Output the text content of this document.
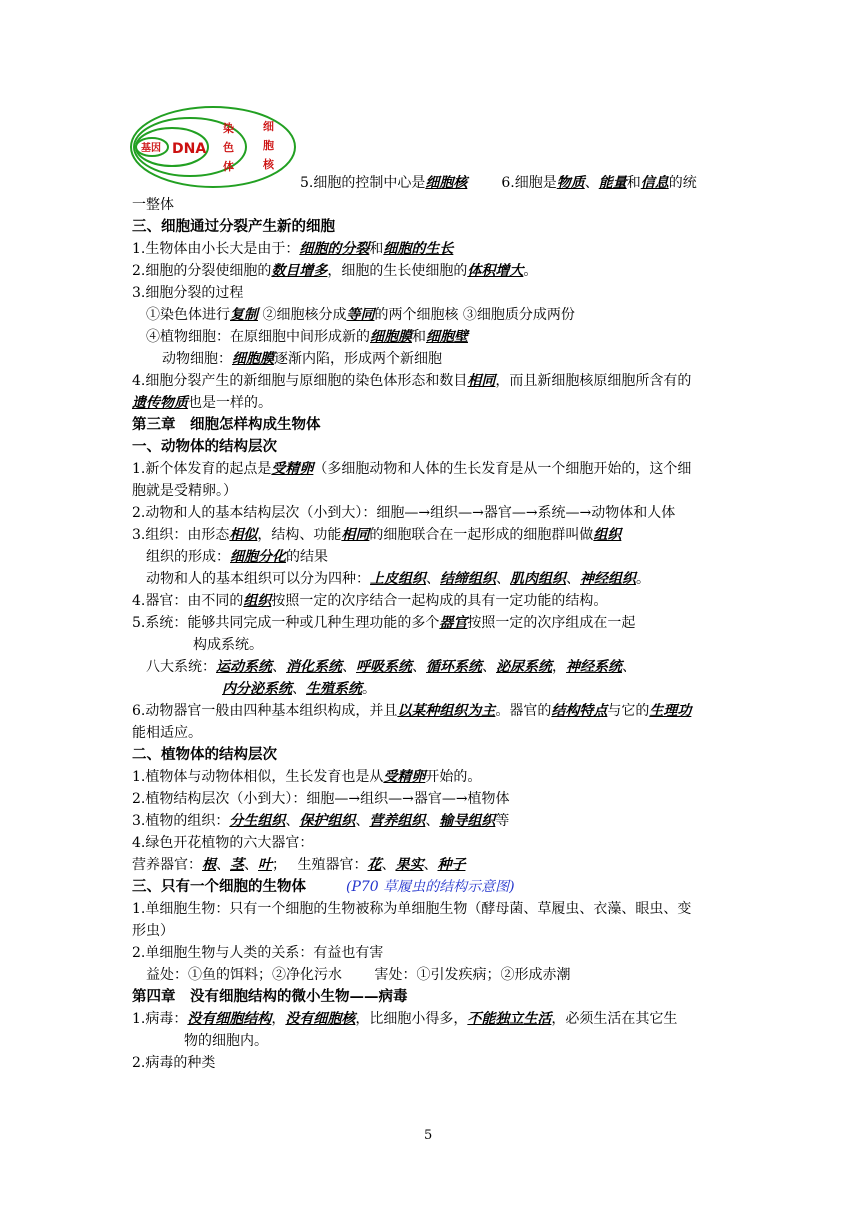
基因 DNA
染
色
体
细
胞
核
5.细胞的控制中心是细胞核 6.细胞是物质、能量和信息的统
一整体
三、细胞通过分裂产生新的细胞
1.生物体由小长大是由于：细胞的分裂和细胞的生长
2.细胞的分裂使细胞的数目增多，细胞的生长使细胞的体积增大。
3.细胞分裂的过程
①染色体进行复制 ②细胞核分成等同的两个细胞核 ③细胞质分成两份
④植物细胞：在原细胞中间形成新的细胞膜和细胞壁
动物细胞：细胞膜逐渐内陷，形成两个新细胞
4.细胞分裂产生的新细胞与原细胞的染色体形态和数目相同，而且新细胞核原细胞所含有的
遗传物质也是一样的。
第三章　细胞怎样构成生物体
一、动物体的结构层次
1.新个体发育的起点是受精卵（多细胞动物和人体的生长发育是从一个细胞开始的，这个细
胞就是受精卵。）
2.动物和人的基本结构层次（小到大）：细胞—→组织—→器官—→系统—→动物体和人体
3.组织：由形态相似，结构、功能相同的细胞联合在一起形成的细胞群叫做组织
组织的形成：细胞分化的结果
动物和人的基本组织可以分为四种：上皮组织、结缔组织、肌肉组织、神经组织。
4.器官：由不同的组织按照一定的次序结合一起构成的具有一定功能的结构。
5.系统：能够共同完成一种或几种生理功能的多个器官按照一定的次序组成在一起
构成系统。
八大系统：运动系统、消化系统、呼吸系统、循环系统、泌尿系统，神经系统、
内分泌系统、生殖系统。
6.动物器官一般由四种基本组织构成，并且以某种组织为主。器官的结构特点与它的生理功
能相适应。
二、植物体的结构层次
1.植物体与动物体相似，生长发育也是从受精卵开始的。
2.植物结构层次（小到大）：细胞—→组织—→器官—→植物体
3.植物的组织：分生组织、保护组织、营养组织、输导组织等
4.绿色开花植物的六大器官：
营养器官：根、茎、叶；　 生殖器官：花、果实、种子
三、只有一个细胞的生物体	(P70 草履虫的结构示意图)
1.单细胞生物：只有一个细胞的生物被称为单细胞生物（酵母菌、草履虫、衣藻、眼虫、变
形虫）
2.单细胞生物与人类的关系：有益也有害
益处：①鱼的饵料；②净化污水　　 害处：①引发疾病；②形成赤潮
第四章　没有细胞结构的微小生物——病毒
1.病毒：没有细胞结构，没有细胞核，比细胞小得多，不能独立生活，必须生活在其它生
物的细胞内。
2.病毒的种类
5
